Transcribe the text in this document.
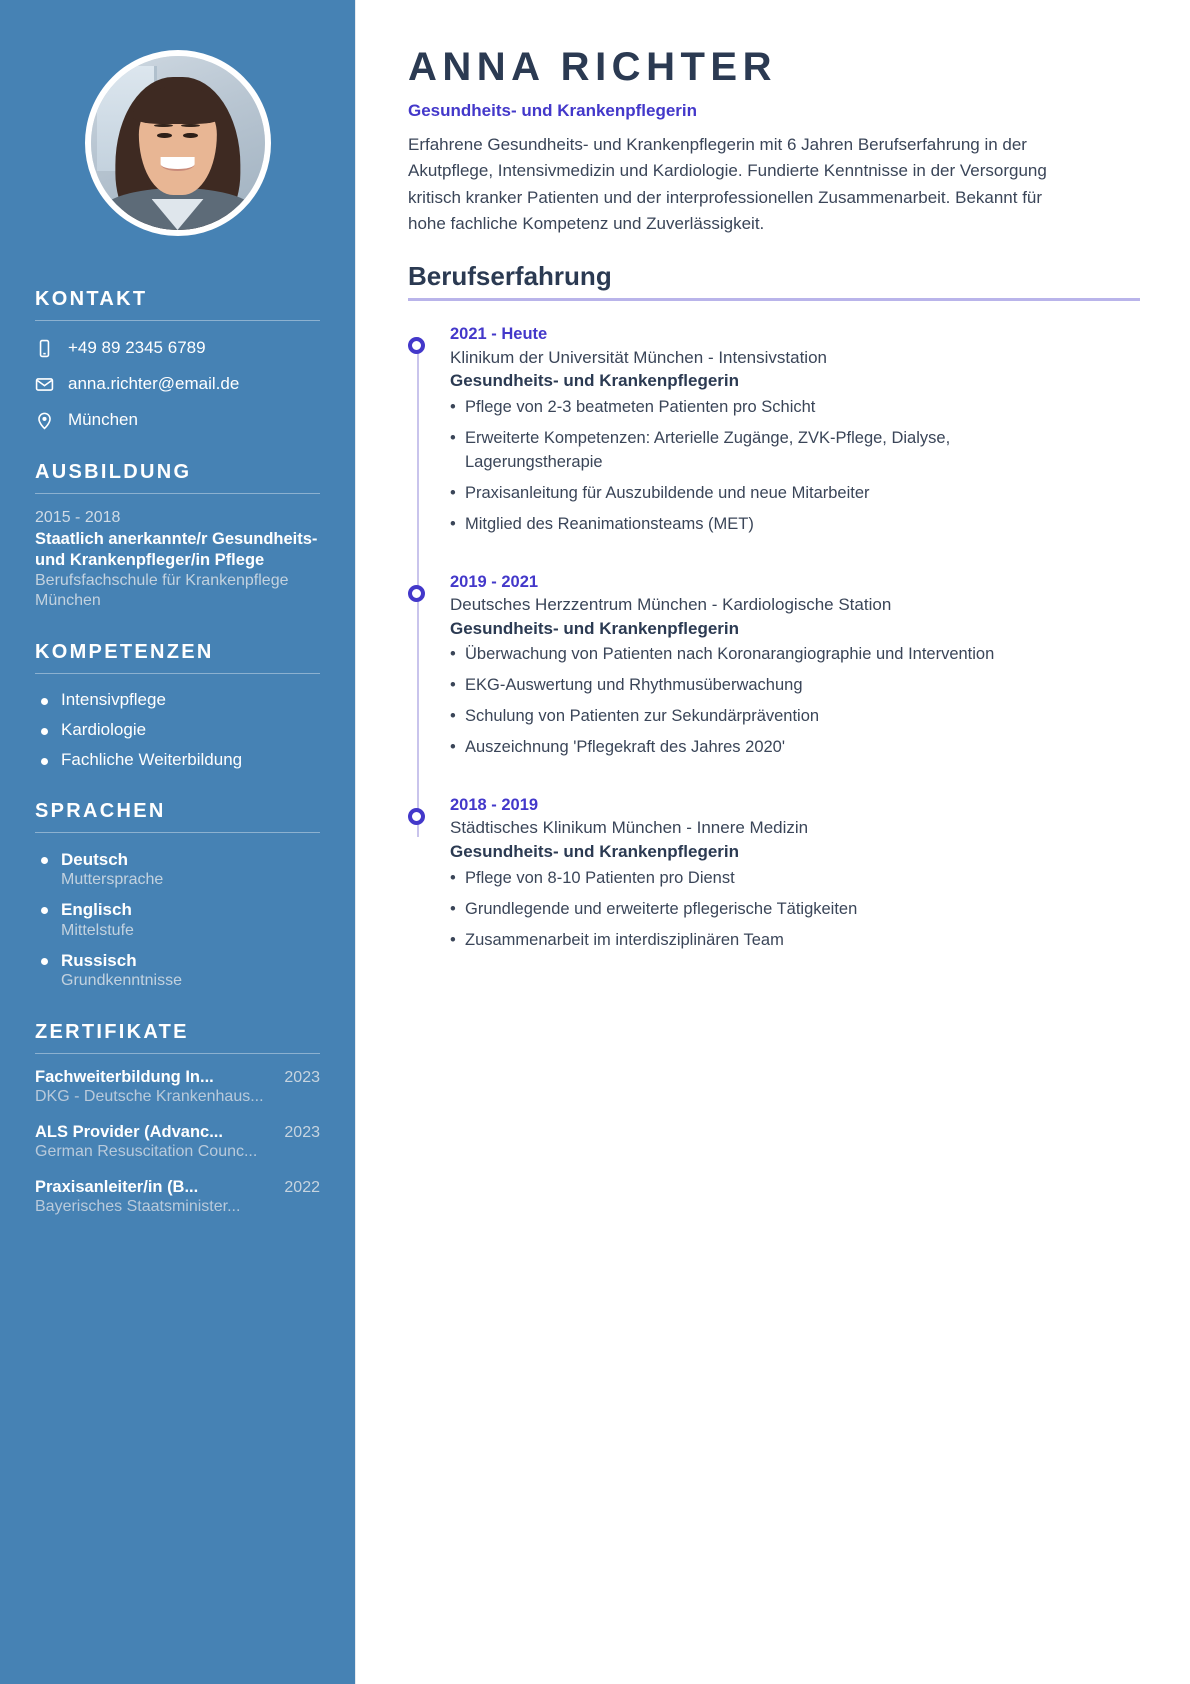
KONTAKT
+49 89 2345 6789
anna.richter@email.de
München
AUSBILDUNG
2015 - 2018
Staatlich anerkannte/r Gesundheits- und Krankenpfleger/in Pflege
Berufsfachschule für Krankenpflege München
KOMPETENZEN
Intensivpflege
Kardiologie
Fachliche Weiterbildung
SPRACHEN
Deutsch
Muttersprache
Englisch
Mittelstufe
Russisch
Grundkenntnisse
ZERTIFIKATE
Fachweiterbildung In...	2023
DKG - Deutsche Krankenhaus...
ALS Provider (Advanc...	2023
German Resuscitation Counc...
Praxisanleiter/in (B...	2022
Bayerisches Staatsminister...
ANNA RICHTER
Gesundheits- und Krankenpflegerin

Erfahrene Gesundheits- und Krankenpflegerin mit 6 Jahren Berufserfahrung in der Akutpflege, Intensivmedizin und Kardiologie. Fundierte Kenntnisse in der Versorgung kritisch kranker Patienten und der interprofessionellen Zusammenarbeit. Bekannt für hohe fachliche Kompetenz und Zuverlässigkeit.

Berufserfahrung
2021 - Heute
Klinikum der Universität München - Intensivstation
Gesundheits- und Krankenpflegerin
• Pflege von 2-3 beatmeten Patienten pro Schicht
• Erweiterte Kompetenzen: Arterielle Zugänge, ZVK-Pflege, Dialyse, Lagerungstherapie
• Praxisanleitung für Auszubildende und neue Mitarbeiter
• Mitglied des Reanimationsteams (MET)
2019 - 2021
Deutsches Herzzentrum München - Kardiologische Station
Gesundheits- und Krankenpflegerin
• Überwachung von Patienten nach Koronarangiographie und Intervention
• EKG-Auswertung und Rhythmusüberwachung
• Schulung von Patienten zur Sekundärprävention
• Auszeichnung 'Pflegekraft des Jahres 2020'
2018 - 2019
Städtisches Klinikum München - Innere Medizin
Gesundheits- und Krankenpflegerin
• Pflege von 8-10 Patienten pro Dienst
• Grundlegende und erweiterte pflegerische Tätigkeiten
• Zusammenarbeit im interdisziplinären Team
